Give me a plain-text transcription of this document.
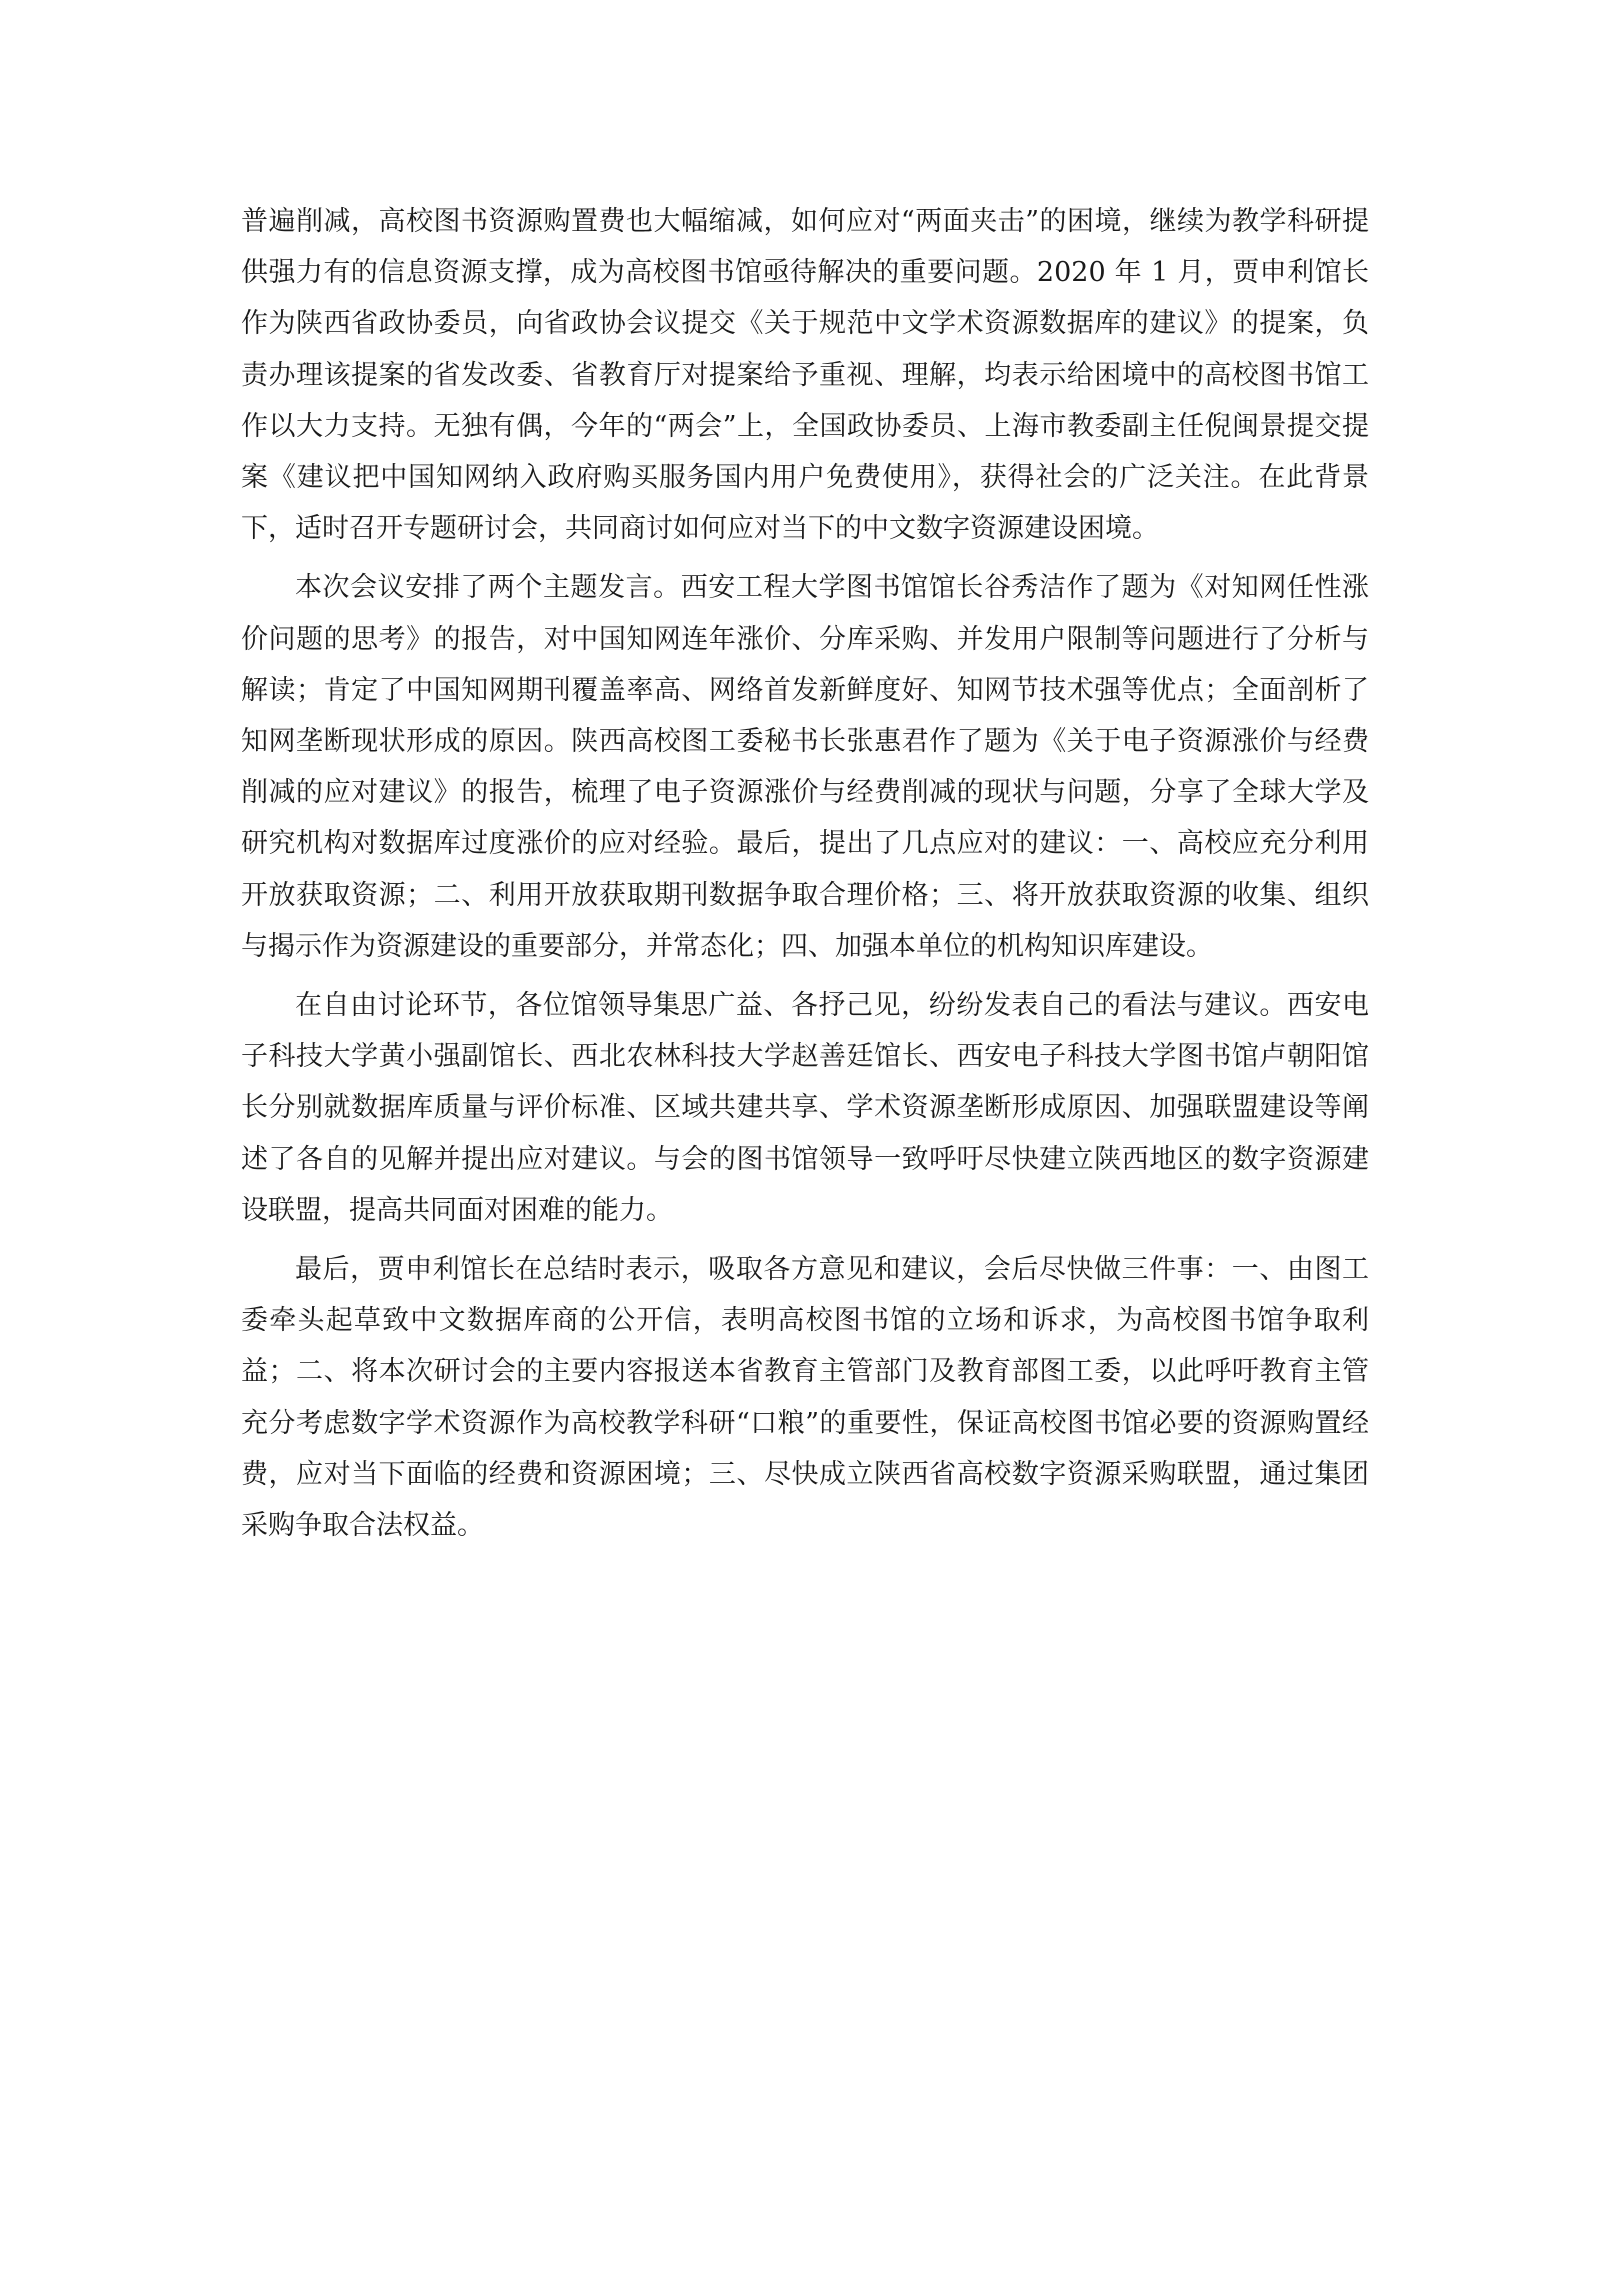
普遍削减，高校图书资源购置费也大幅缩减，如何应对“两面夹击”的困境，继续为教学科研提供强力有的信息资源支撑，成为高校图书馆亟待解决的重要问题。2020 年 1 月，贾申利馆长作为陕西省政协委员，向省政协会议提交《关于规范中文学术资源数据库的建议》的提案，负责办理该提案的省发改委、省教育厅对提案给予重视、理解，均表示给困境中的高校图书馆工作以大力支持。无独有偶，今年的“两会”上，全国政协委员、上海市教委副主任倪闽景提交提案《建议把中国知网纳入政府购买服务国内用户免费使用》，获得社会的广泛关注。在此背景下，适时召开专题研讨会，共同商讨如何应对当下的中文数字资源建设困境。

本次会议安排了两个主题发言。西安工程大学图书馆馆长谷秀洁作了题为《对知网任性涨价问题的思考》的报告，对中国知网连年涨价、分库采购、并发用户限制等问题进行了分析与解读；肯定了中国知网期刊覆盖率高、网络首发新鲜度好、知网节技术强等优点；全面剖析了知网垄断现状形成的原因。陕西高校图工委秘书长张惠君作了题为《关于电子资源涨价与经费削减的应对建议》的报告，梳理了电子资源涨价与经费削减的现状与问题，分享了全球大学及研究机构对数据库过度涨价的应对经验。最后，提出了几点应对的建议：一、高校应充分利用开放获取资源；二、利用开放获取期刊数据争取合理价格；三、将开放获取资源的收集、组织与揭示作为资源建设的重要部分，并常态化；四、加强本单位的机构知识库建设。

在自由讨论环节，各位馆领导集思广益、各抒己见，纷纷发表自己的看法与建议。西安电子科技大学黄小强副馆长、西北农林科技大学赵善廷馆长、西安电子科技大学图书馆卢朝阳馆长分别就数据库质量与评价标准、区域共建共享、学术资源垄断形成原因、加强联盟建设等阐述了各自的见解并提出应对建议。与会的图书馆领导一致呼吁尽快建立陕西地区的数字资源建设联盟，提高共同面对困难的能力。

最后，贾申利馆长在总结时表示，吸取各方意见和建议，会后尽快做三件事：一、由图工委牵头起草致中文数据库商的公开信，表明高校图书馆的立场和诉求，为高校图书馆争取利益；二、将本次研讨会的主要内容报送本省教育主管部门及教育部图工委，以此呼吁教育主管充分考虑数字学术资源作为高校教学科研“口粮”的重要性，保证高校图书馆必要的资源购置经费，应对当下面临的经费和资源困境；三、尽快成立陕西省高校数字资源采购联盟，通过集团采购争取合法权益。
